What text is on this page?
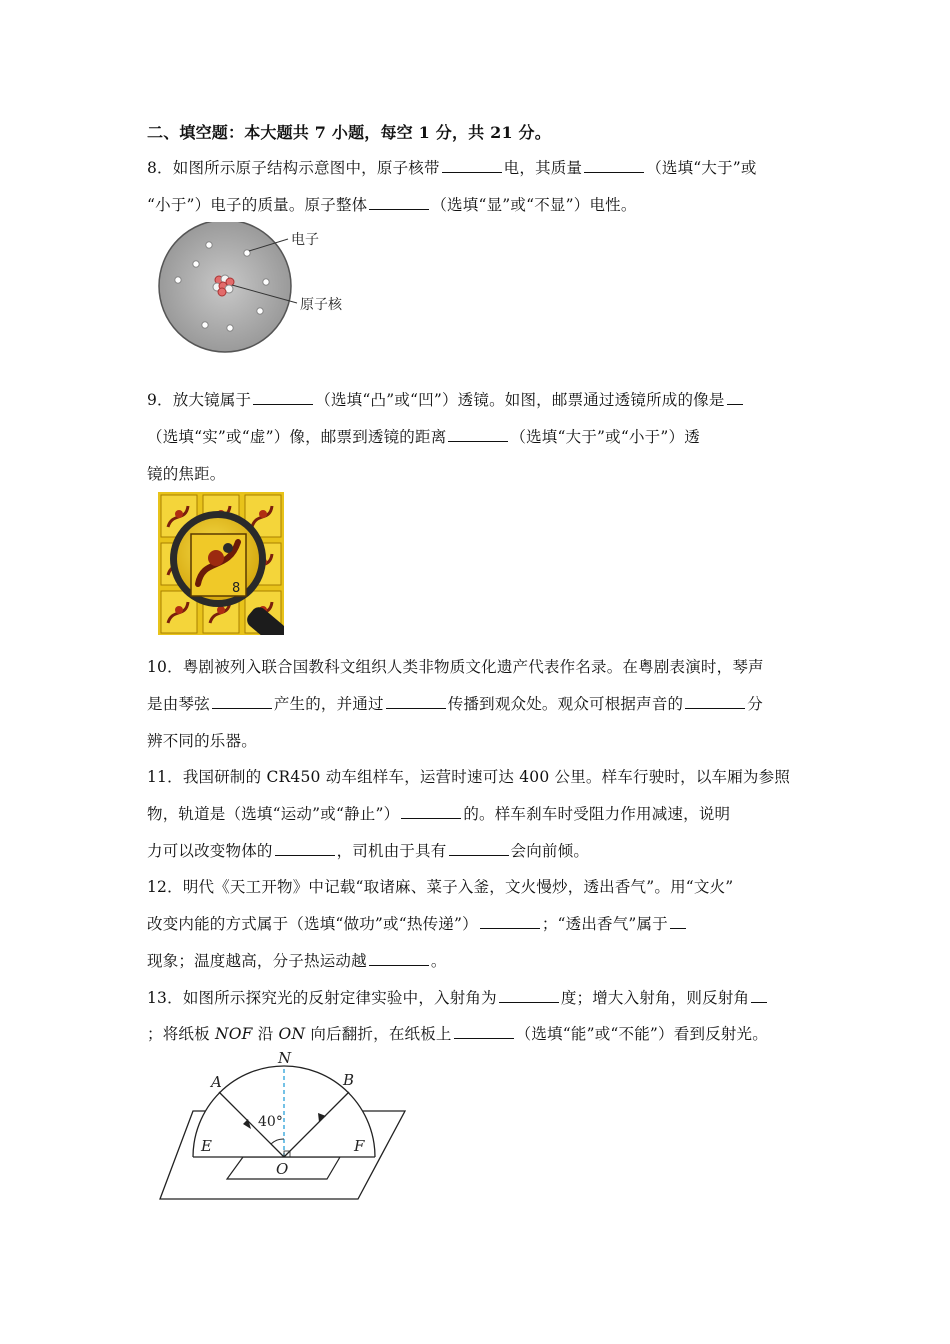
二、填空题：本大题共 7 小题，每空 1 分，共 21 分。
8．如图所示原子结构示意图中，原子核带	电，其质量	（选填“大于”或
“小于”）电子的质量。原子整体	（选填“显”或“不显”）电性。
电子
原子核
9．放大镜属于	（选填“凸”或“凹”）透镜。如图，邮票通过透镜所成的像是
（选填“实”或“虚”）像，邮票到透镜的距离	（选填“大于”或“小于”）透
镜的焦距。
8
10．粤剧被列入联合国教科文组织人类非物质文化遗产代表作名录。在粤剧表演时，琴声
是由琴弦	产生的，并通过	传播到观众处。观众可根据声音的	分
辨不同的乐器。
11．我国研制的 CR450 动车组样车，运营时速可达 400 公里。样车行驶时，以车厢为参照
物，轨道是（选填“运动”或“静止”）	的。样车刹车时受阻力作用减速，说明
力可以改变物体的	，司机由于具有	会向前倾。
12．明代《天工开物》中记载“取诸麻、菜子入釜，文火慢炒，透出香气”。用“文火”
改变内能的方式属于（选填“做功”或“热传递”）	；“透出香气”属于
现象；温度越高，分子热运动越	。
13．如图所示探究光的反射定律实验中，入射角为	度；增大入射角，则反射角
；将纸板 NOF 沿 ON 向后翻折，在纸板上	（选填“能”或“不能”）看到反射光。
N
A	B
E	F
O
40°
